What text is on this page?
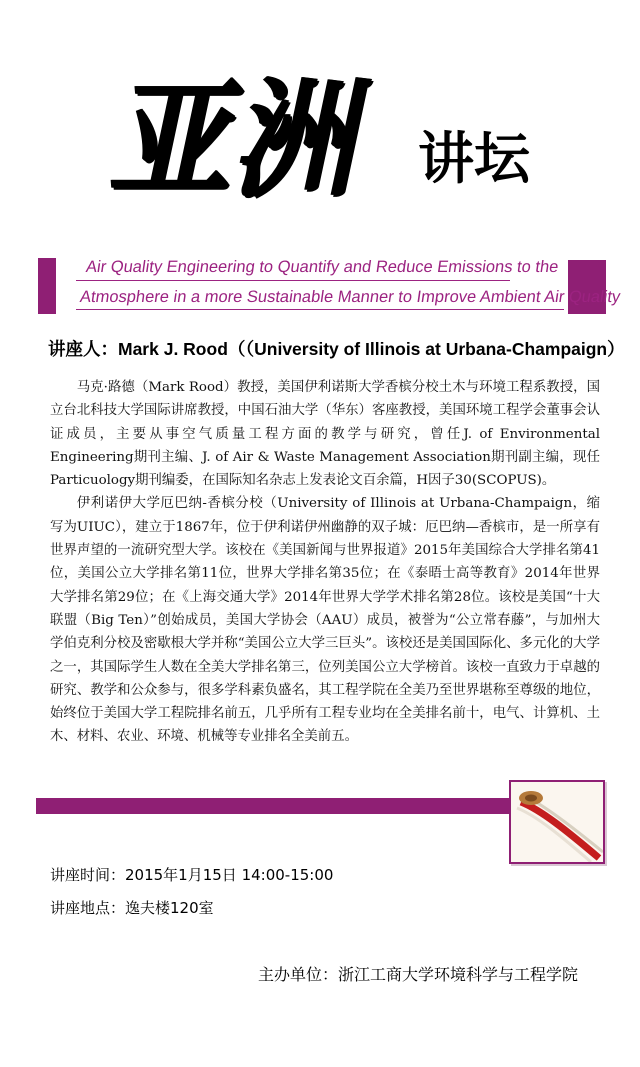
亚洲 讲坛
Air Quality Engineering to Quantify and Reduce Emissions to the
Atmosphere in a more Sustainable Manner to Improve Ambient Air Quality
讲座人：Mark J. Rood（（University of Illinois at Urbana-Champaign）

马克·路德（Mark Rood）教授，美国伊利诺斯大学香槟分校土木与环境工程系教授，国立台北科技大学国际讲席教授，中国石油大学（华东）客座教授，美国环境工程学会董事会认证成员，主要从事空气质量工程方面的教学与研究，曾任J. of Environmental Engineering期刊主编、J. of Air & Waste Management Association期刊副主编，现任Particuology期刊编委，在国际知名杂志上发表论文百余篇，H因子30(SCOPUS)。

伊利诺伊大学厄巴纳-香槟分校（University of Illinois at Urbana-Champaign，缩写为UIUC），建立于1867年，位于伊利诺伊州幽静的双子城：厄巴纳—香槟市，是一所享有世界声望的一流研究型大学。该校在《美国新闻与世界报道》2015年美国综合大学排名第41位，美国公立大学排名第11位，世界大学排名第35位；在《泰晤士高等教育》2014年世界大学排名第29位；在《上海交通大学》2014年世界大学学术排名第28位。该校是美国“十大联盟（Big Ten）”创始成员，美国大学协会（AAU）成员，被誉为“公立常春藤”，与加州大学伯克利分校及密歇根大学并称“美国公立大学三巨头”。该校还是美国国际化、多元化的大学之一，其国际学生人数在全美大学排名第三，位列美国公立大学榜首。该校一直致力于卓越的研究、教学和公众参与，很多学科素负盛名，其工程学院在全美乃至世界堪称至尊级的地位，始终位于美国大学工程院排名前五，几乎所有工程专业均在全美排名前十，电气、计算机、土木、材料、农业、环境、机械等专业排名全美前五。

讲座时间：2015年1月15日 14:00-15:00
讲座地点：逸夫楼120室
主办单位：浙江工商大学环境科学与工程学院
